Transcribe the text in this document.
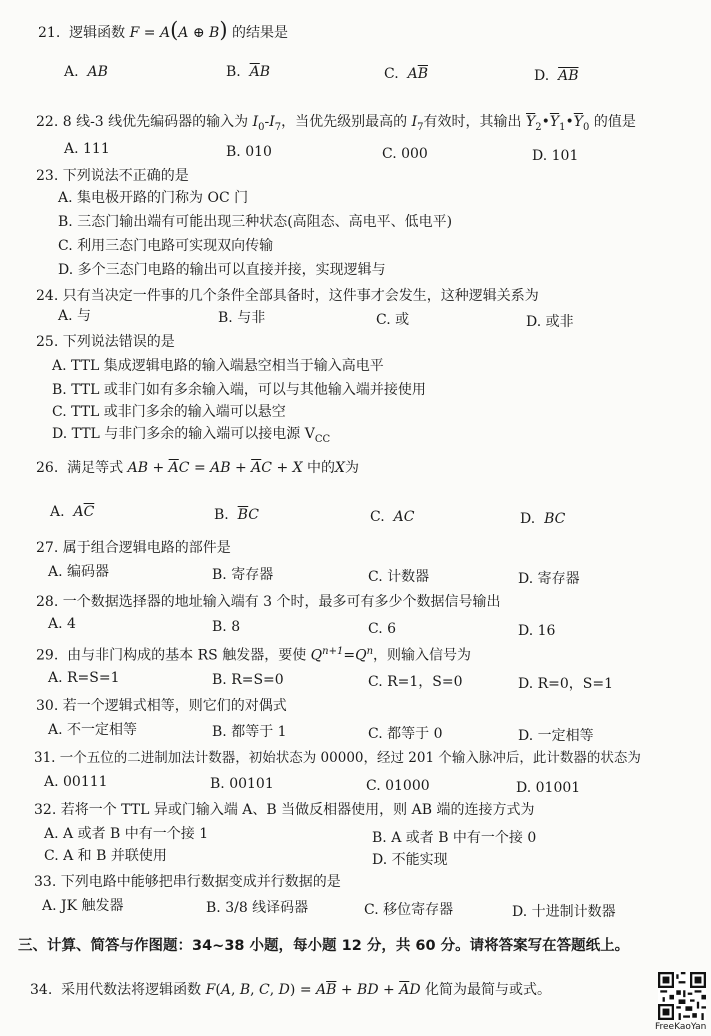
21. 逻辑函数 F = A(A ⊕ B) 的结果是
A. AB	B. $\overline{A}B$	C. $A\overline{B}$	D. $\overline{AB}$
22. 8 线-3 线优先编码器的输入为 $I_0-I_7$，当优先级别最高的 $I_7$有效时，其输出 $\overline{Y}_2•\overline{Y}_1•\overline{Y}_0$ 的值是
A. 111	B. 010	C. 000	D. 101
23. 下列说法不正确的是
A. 集电极开路的门称为 OC 门
B. 三态门输出端有可能出现三种状态(高阻态、高电平、低电平)
C. 利用三态门电路可实现双向传输
D. 多个三态门电路的输出可以直接并接，实现逻辑与
24. 只有当决定一件事的几个条件全部具备时，这件事才会发生，这种逻辑关系为
A. 与	B. 与非	C. 或	D. 或非
25. 下列说法错误的是
A. TTL 集成逻辑电路的输入端悬空相当于输入高电平
B. TTL 或非门如有多余输入端，可以与其他输入端并接使用
C. TTL 或非门多余的输入端可以悬空
D. TTL 与非门多余的输入端可以接电源 $V_{CC}$
26. 满足等式 AB + $\overline{A}C$ = AB + $\overline{A}C + X$ 中的X为
A. $A\overline{C}$	B. $\overline{B}C$	C. AC	D. BC
27. 属于组合逻辑电路的部件是
A. 编码器	B. 寄存器	C. 计数器	D. 寄存器
28. 一个数据选择器的地址输入端有 3 个时，最多可有多少个数据信号输出
A. 4	B. 8	C. 6	D. 16
29. 由与非门构成的基本 RS 触发器，要使 $Q^{n+1}=Q^n$，则输入信号为
A. R=S=1	B. R=S=0	C. R=1，S=0	D. R=0，S=1
30. 若一个逻辑式相等，则它们的对偶式
A. 不一定相等	B. 都等于 1	C. 都等于 0	D. 一定相等
31. 一个五位的二进制加法计数器，初始状态为 00000，经过 201 个输入脉冲后，此计数器的状态为
A. 00111	B. 00101	C. 01000	D. 01001
32. 若将一个 TTL 异或门输入端 A、B 当做反相器使用，则 AB 端的连接方式为
A. A 或者 B 中有一个接 1	B. A 或者 B 中有一个接 0
C. A 和 B 并联使用	D. 不能实现
33. 下列电路中能够把串行数据变成并行数据的是
A. JK 触发器	B. 3/8 线译码器	C. 移位寄存器	D. 十进制计数器
三、计算、简答与作图题：34~38 小题，每小题 12 分，共 60 分。请将答案写在答题纸上。
34. 采用代数法将逻辑函数 F(A, B, C, $D) = A\overline{B}$ + BD + $\overline{A}D$ 化简为最简与或式。
FreeKaoYan
